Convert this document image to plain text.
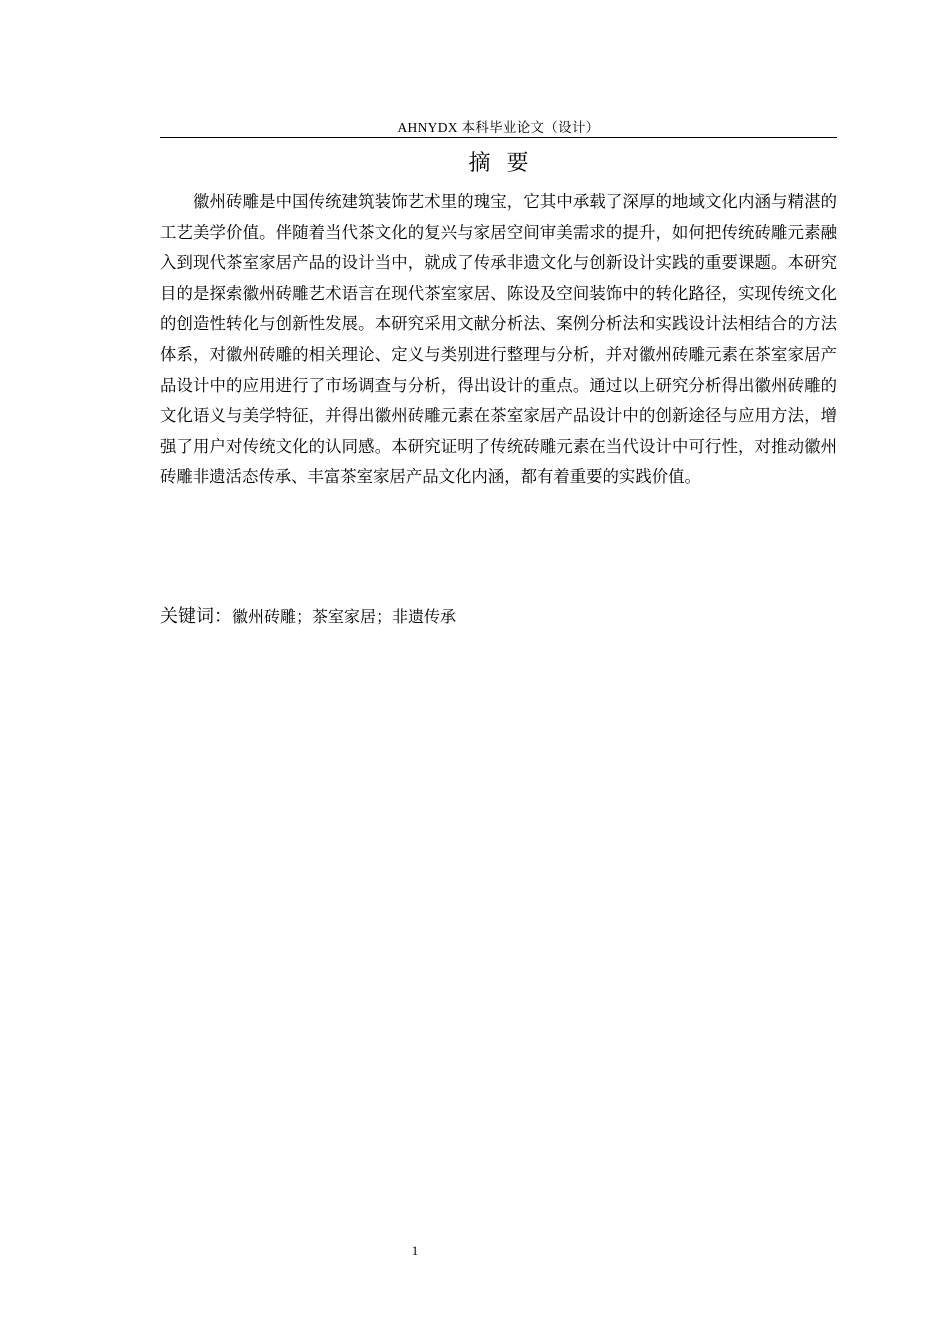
AHNYDX 本科毕业论文（设计）
摘要

徽州砖雕是中国传统建筑装饰艺术里的瑰宝，它其中承载了深厚的地域文化内涵与精湛的工艺美学价值。伴随着当代茶文化的复兴与家居空间审美需求的提升，如何把传统砖雕元素融入到现代茶室家居产品的设计当中，就成了传承非遗文化与创新设计实践的重要课题。本研究目的是探索徽州砖雕艺术语言在现代茶室家居、陈设及空间装饰中的转化路径，实现传统文化的创造性转化与创新性发展。本研究采用文献分析法、案例分析法和实践设计法相结合的方法体系，对徽州砖雕的相关理论、定义与类别进行整理与分析，并对徽州砖雕元素在茶室家居产品设计中的应用进行了市场调查与分析，得出设计的重点。通过以上研究分析得出徽州砖雕的文化语义与美学特征，并得出徽州砖雕元素在茶室家居产品设计中的创新途径与应用方法，增强了用户对传统文化的认同感。本研究证明了传统砖雕元素在当代设计中可行性，对推动徽州砖雕非遗活态传承、丰富茶室家居产品文化内涵，都有着重要的实践价值。

关键词：徽州砖雕；茶室家居；非遗传承
1
